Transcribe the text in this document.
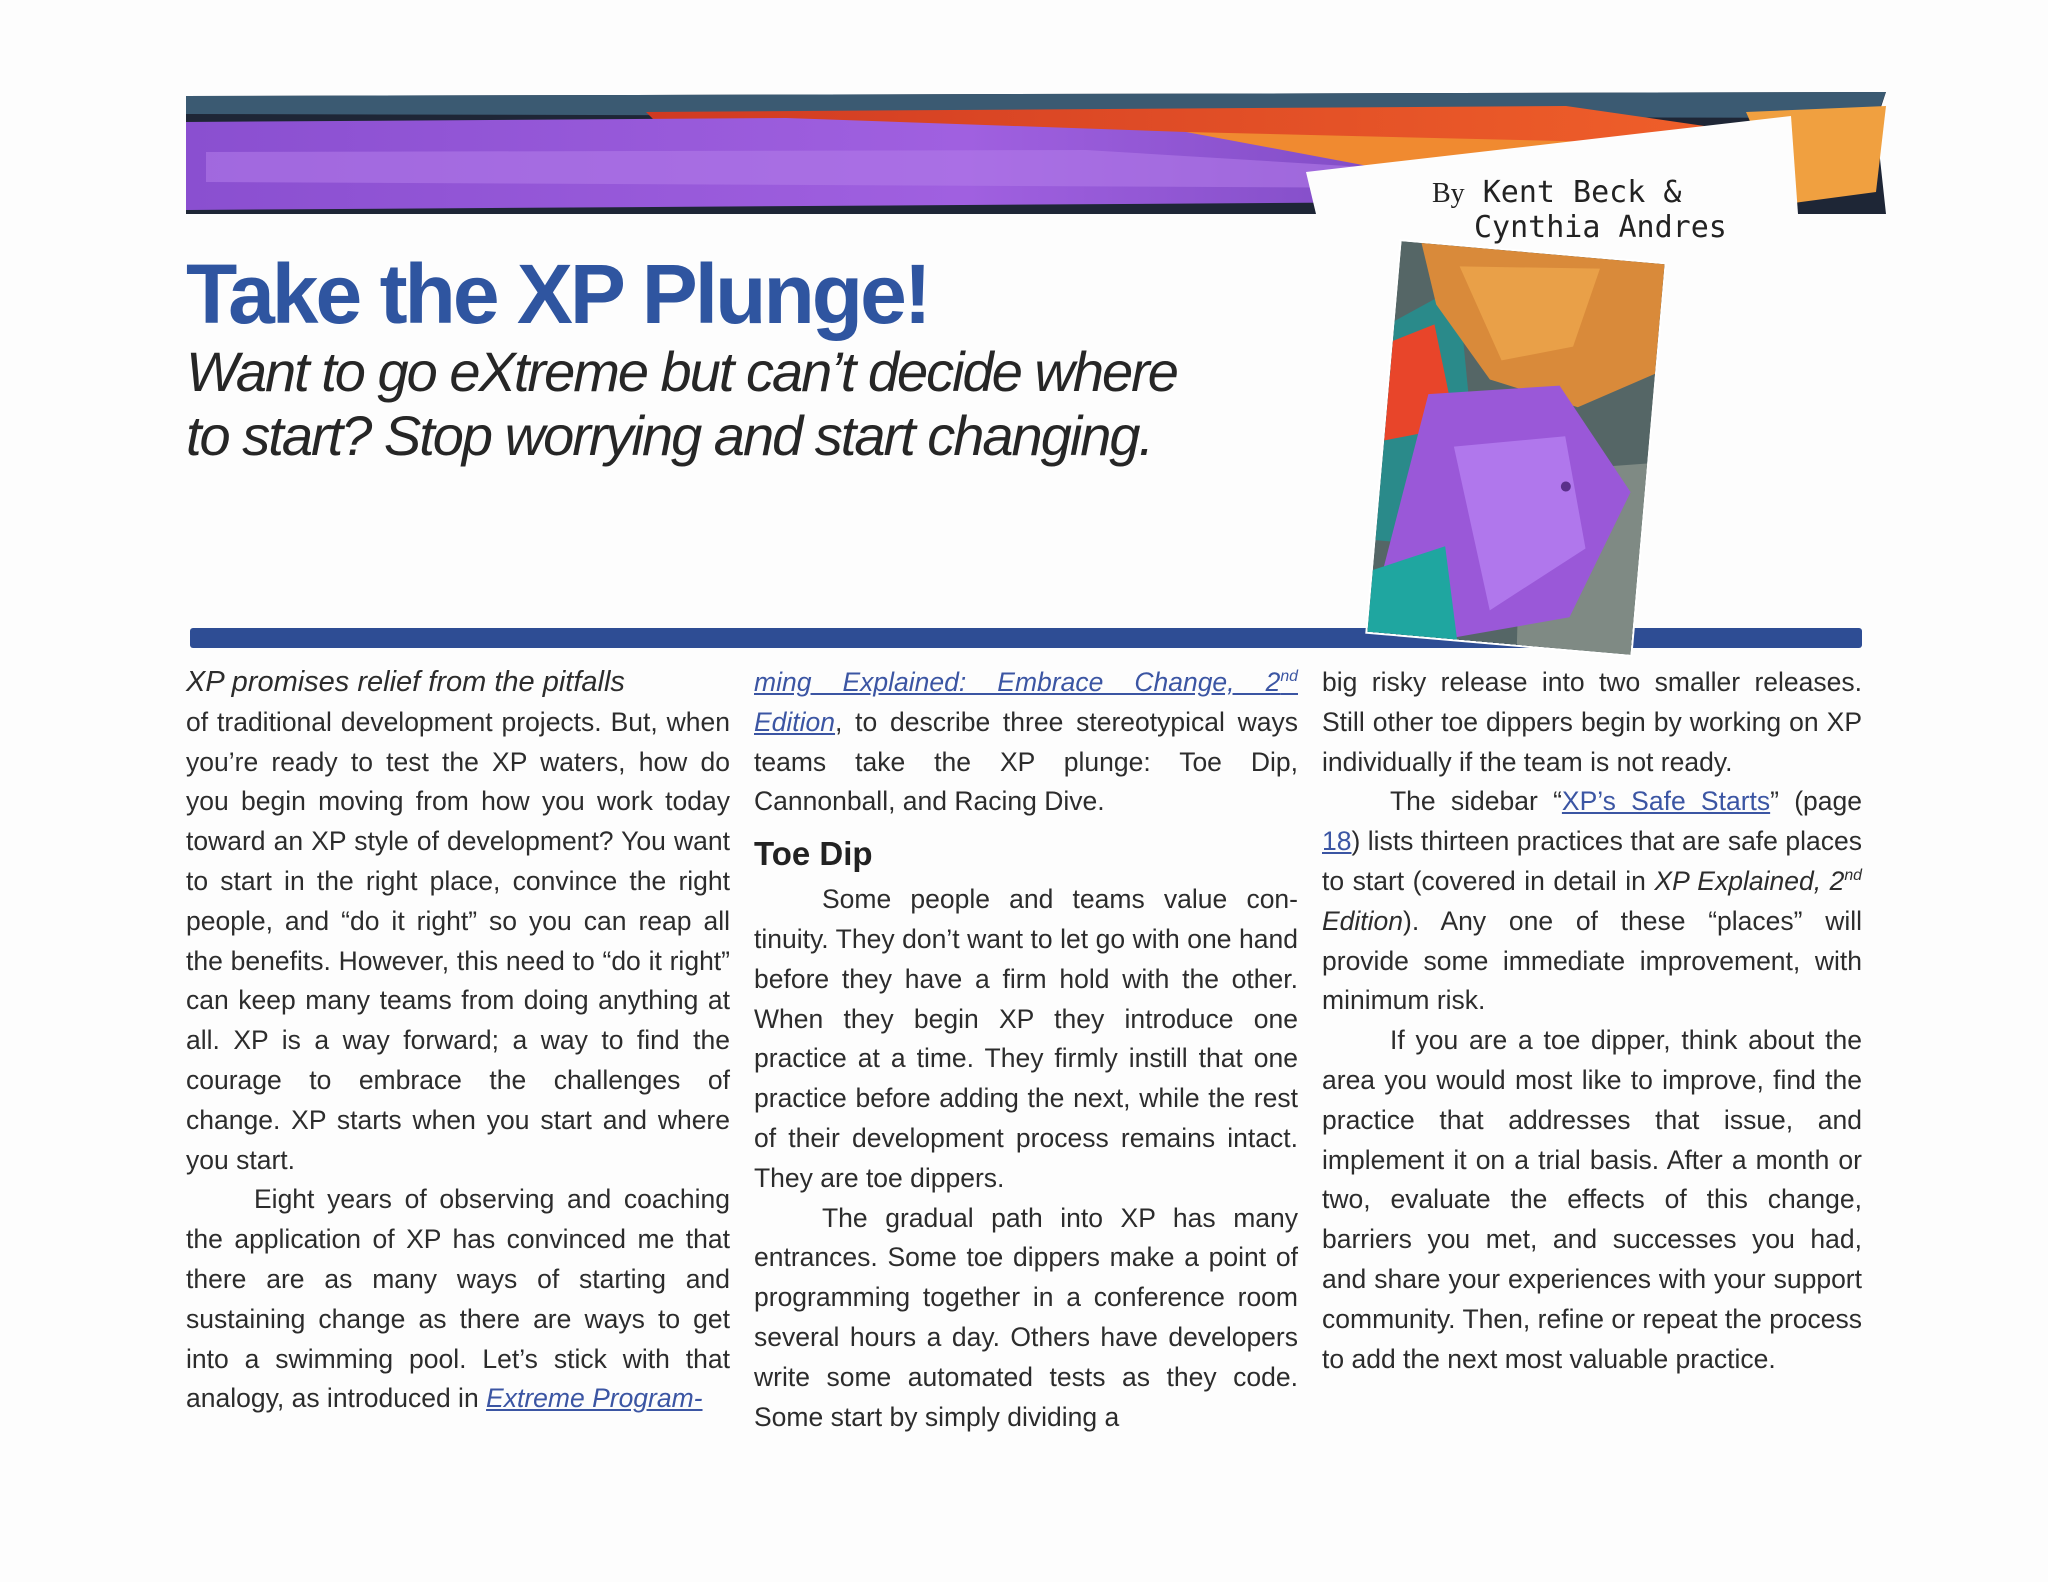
By Kent Beck &
Cynthia Andres
Take the XP Plunge!

Want to go eXtreme but can’t decide where to start? Stop worrying and start changing.

XP promises relief from the pitfalls

of traditional development projects. But, when you’re ready to test the XP waters, how do you begin moving from how you work today toward an XP style of development? You want to start in the right place, convince the right people, and “do it right” so you can reap all the benefits. However, this need to “do it right” can keep many teams from doing anything at all. XP is a way forward; a way to find the courage to embrace the challenges of change. XP starts when you start and where you start.

Eight years of observing and coaching the application of XP has convinced me that there are as many ways of starting and sustaining change as there are ways to get into a swimming pool. Let’s stick with that analogy, as introduced in Extreme Program-

ming Explained: Embrace Change, 2nd Edition, to describe three stereotypical ways teams take the XP plunge: Toe Dip, Cannonball, and Racing Dive.

Toe Dip

Some people and teams value continuity. They don’t want to let go with one hand before they have a firm hold with the other. When they begin XP they introduce one practice at a time. They firmly instill that one practice before adding the next, while the rest of their development process remains intact. They are toe dippers.

The gradual path into XP has many entrances. Some toe dippers make a point of programming together in a conference room several hours a day. Others have developers write some automated tests as they code. Some start by simply dividing a

big risky release into two smaller releases. Still other toe dippers begin by working on XP individually if the team is not ready.

The sidebar “XP’s Safe Starts” (page 18) lists thirteen practices that are safe places to start (covered in detail in XP Explained, 2nd Edition). Any one of these “places” will provide some immediate improvement, with minimum risk.

If you are a toe dipper, think about the area you would most like to improve, find the practice that addresses that issue, and implement it on a trial basis. After a month or two, evaluate the effects of this change, barriers you met, and successes you had, and share your experiences with your support community. Then, refine or repeat the process to add the next most valuable practice.
